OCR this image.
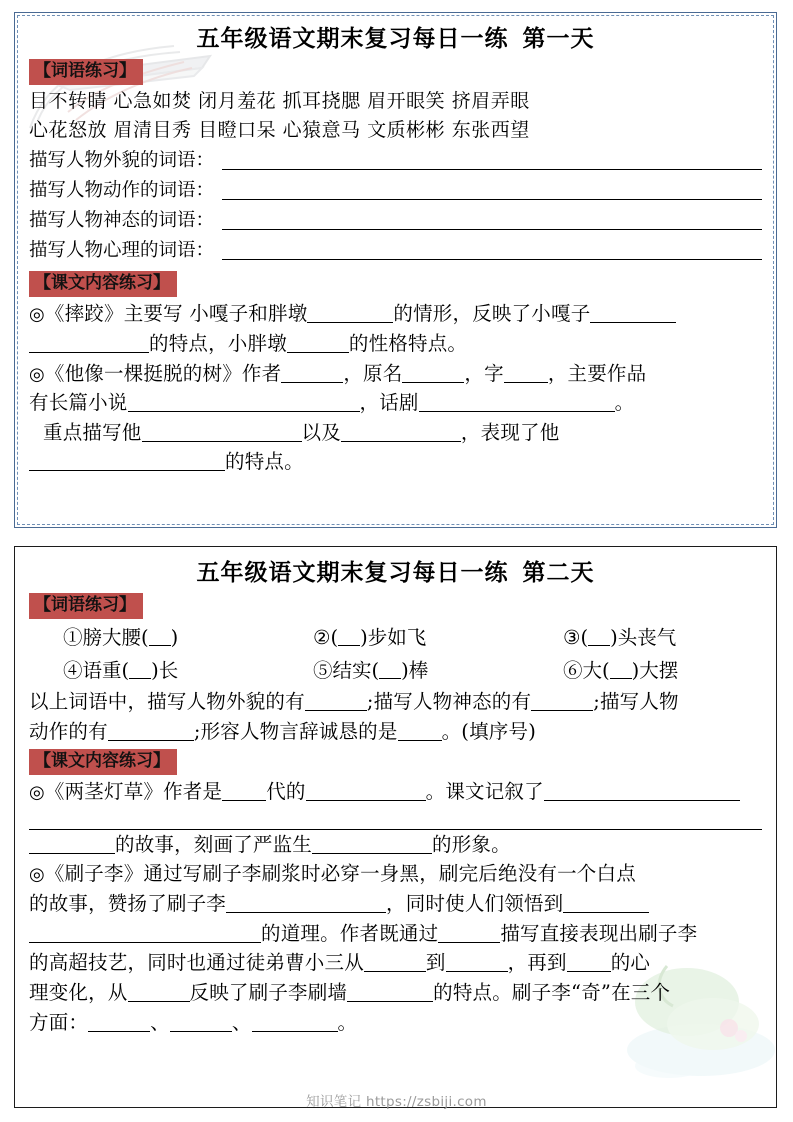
五年级语文期末复习每日一练 第一天
【词语练习】
目不转睛 心急如焚 闭月羞花 抓耳挠腮 眉开眼笑 挤眉弄眼
心花怒放 眉清目秀 目瞪口呆 心猿意马 文质彬彬 东张西望
描写人物外貌的词语：
描写人物动作的词语：
描写人物神态的词语：
描写人物心理的词语：
【课文内容练习】
◎《摔跤》主要写 小嘎子和胖墩	的情形，反映了小嘎子
的特点，小胖墩	的性格特点。
◎《他像一棵挺脱的树》作者	，原名	，字 ，主要作品
有长篇小说	，话剧	。
重点描写他	以及	，表现了他
的特点。
五年级语文期末复习每日一练 第二天
【词语练习】
①膀大腰( )	②( )步如飞	③( )头丧气
④语重( )长	⑤结实( )棒	⑥大( )大摆
以上词语中，描写人物外貌的有	;描写人物神态的有	;描写人物
动作的有	;形容人物言辞诚恳的是 。(填序号)
【课文内容练习】
◎《两茎灯草》作者是 代的	。课文记叙了
的故事，刻画了严监生	的形象。
◎《刷子李》通过写刷子李刷浆时必穿一身黑，刷完后绝没有一个白点
的故事，赞扬了刷子李	，同时使人们领悟到
的道理。作者既通过	描写直接表现出刷子李
的高超技艺，同时也通过徒弟曹小三从	到	，再到 的心
理变化，从	反映了刷子李刷墙	的特点。刷子李“奇”在三个
方面：	、	、	。
知识笔记 https://zsbiji.com
